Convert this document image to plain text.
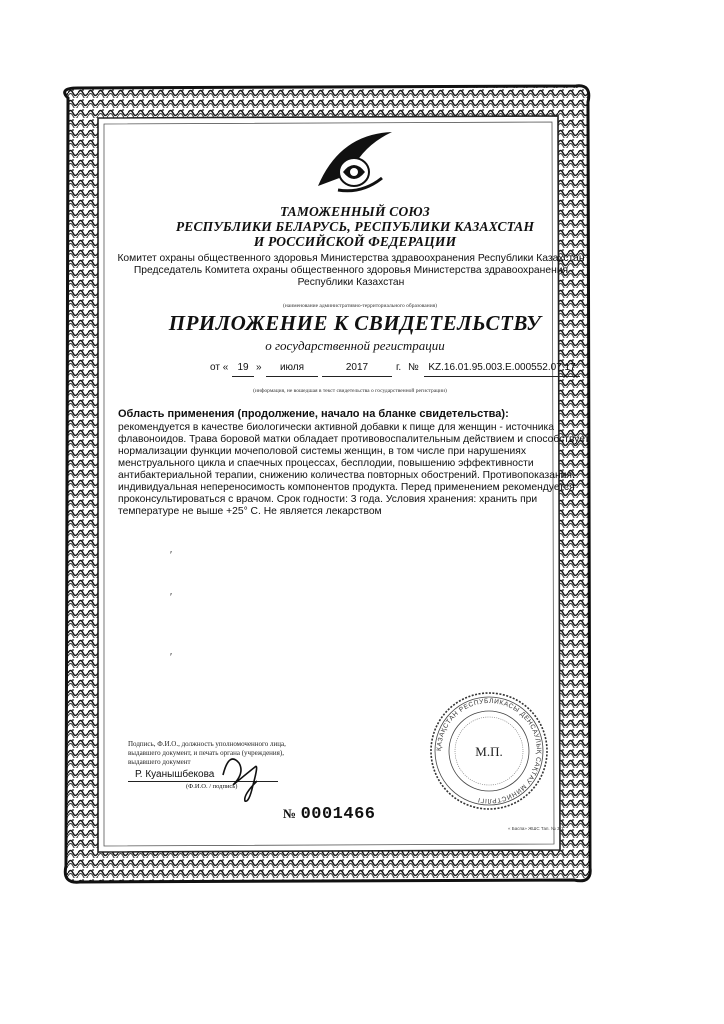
ТАМОЖЕННЫЙ СОЮЗ
РЕСПУБЛИКИ БЕЛАРУСЬ, РЕСПУБЛИКИ КАЗАХСТАН
И РОССИЙСКОЙ ФЕДЕРАЦИИ
Комитет охраны общественного здоровья Министерства здравоохранения Республики Казахстан
Председатель Комитета охраны общественного здоровья Министерства здравоохранения
Республики Казахстан
(наименование административно-территориального образования)
ПРИЛОЖЕНИЕ К СВИДЕТЕЛЬСТВУ
о государственной регистрации
от « 19 »	июля	2017	г. № KZ.16.01.95.003.E.000552.07.17
(информация, не вошедшая в текст свидетельства о государственной регистрации)
Область применения (продолжение, начало на бланке свидетельства):
рекомендуется в качестве биологически активной добавки к пище для женщин - источника
флавоноидов. Трава боровой матки обладает противовоспалительным действием и способствует
нормализации функции мочеполовой системы женщин, в том числе при нарушениях
менструального цикла и спаечных процессах, бесплодии, повышению эффективности
антибактериальной терапии, снижению количества повторных обострений. Противопоказания:
индивидуальная непереносимость компонентов продукта. Перед применением рекомендуется
проконсультироваться с врачом. Срок годности: 3 года. Условия хранения: хранить при
температуре не выше +25° С. Не является лекарством
′
′
′
Подпись, Ф.И.О., должность уполномоченного лица,
выдавшего документ, и печать органа (учреждения),
выдавшего документ
Р. Куанышбекова
(Ф.И.О. / подпись)
№ 0001466
ҚАЗАҚСТАН РЕСПУБЛИКАСЫ ДЕНСАУЛЫҚ САҚТАУ МИНИСТРЛІГІ
М.П.
« Баспа» ЖШС Тап. № 3-1
